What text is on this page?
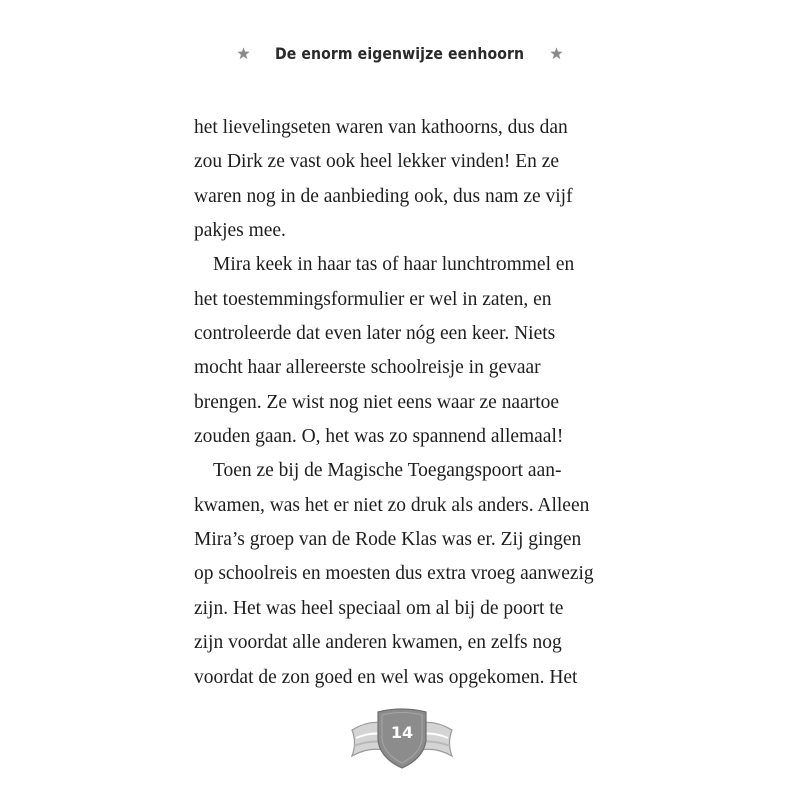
De enorm eigenwijze eenhoorn
het lievelingseten waren van kathoorns, dus dan
zou Dirk ze vast ook heel lekker vinden! En ze
waren nog in de aanbieding ook, dus nam ze vijf
pakjes mee.
Mira keek in haar tas of haar lunchtrommel en
het toestemmingsformulier er wel in zaten, en
controleerde dat even later nóg een keer. Niets
mocht haar allereerste schoolreisje in gevaar
brengen. Ze wist nog niet eens waar ze naartoe
zouden gaan. O, het was zo spannend allemaal!
Toen ze bij de Magische Toegangspoort aan-
kwamen, was het er niet zo druk als anders. Alleen
Mira’s groep van de Rode Klas was er. Zij gingen
op schoolreis en moesten dus extra vroeg aanwezig
zijn. Het was heel speciaal om al bij de poort te
zijn voordat alle anderen kwamen, en zelfs nog
voordat de zon goed en wel was opgekomen. Het
14
